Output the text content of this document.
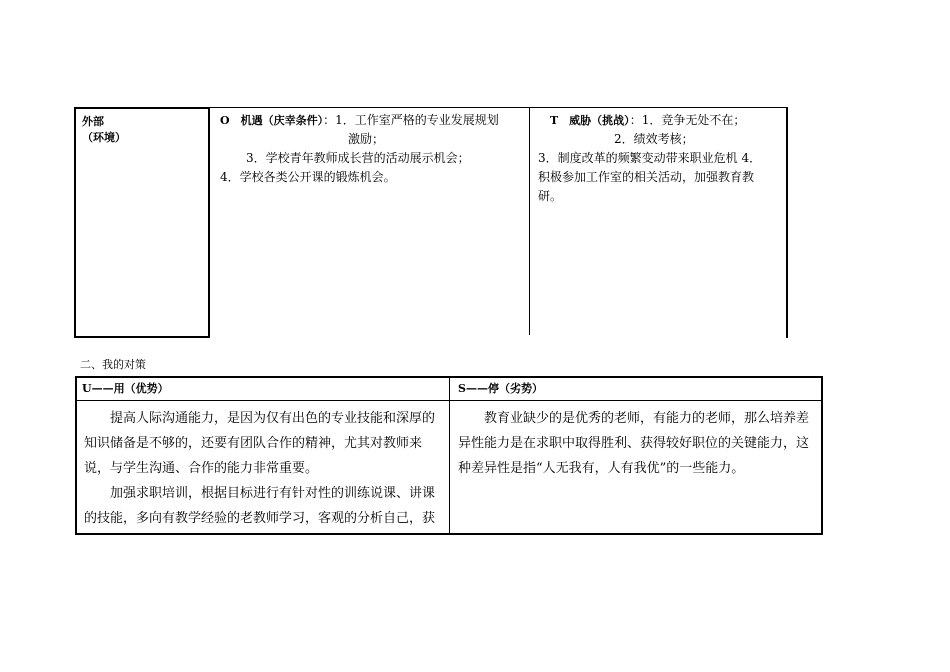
外部
（环境）
O　机遇（庆幸条件）：1．工作室严格的专业发展规划
激励；
3．学校青年教师成长营的活动展示机会；
4．学校各类公开课的锻炼机会。
T　威胁（挑战）：1．竞争无处不在；
2．绩效考核；
3．制度改革的频繁变动带来职业危机 4．
积极参加工作室的相关活动，加强教育教
研。
二、我的对策
U——用（优势）	S——停（劣势）

提高人际沟通能力，是因为仅有出色的专业技能和深厚的知识储备是不够的，还要有团队合作的精神，尤其对教师来说，与学生沟通、合作的能力非常重要。

加强求职培训，根据目标进行有针对性的训练说课、讲课的技能，多向有教学经验的老教师学习，客观的分析自己，获

教育业缺少的是优秀的老师，有能力的老师，那么培养差异性能力是在求职中取得胜利、获得较好职位的关键能力，这种差异性是指“人无我有，人有我优”的一些能力。
